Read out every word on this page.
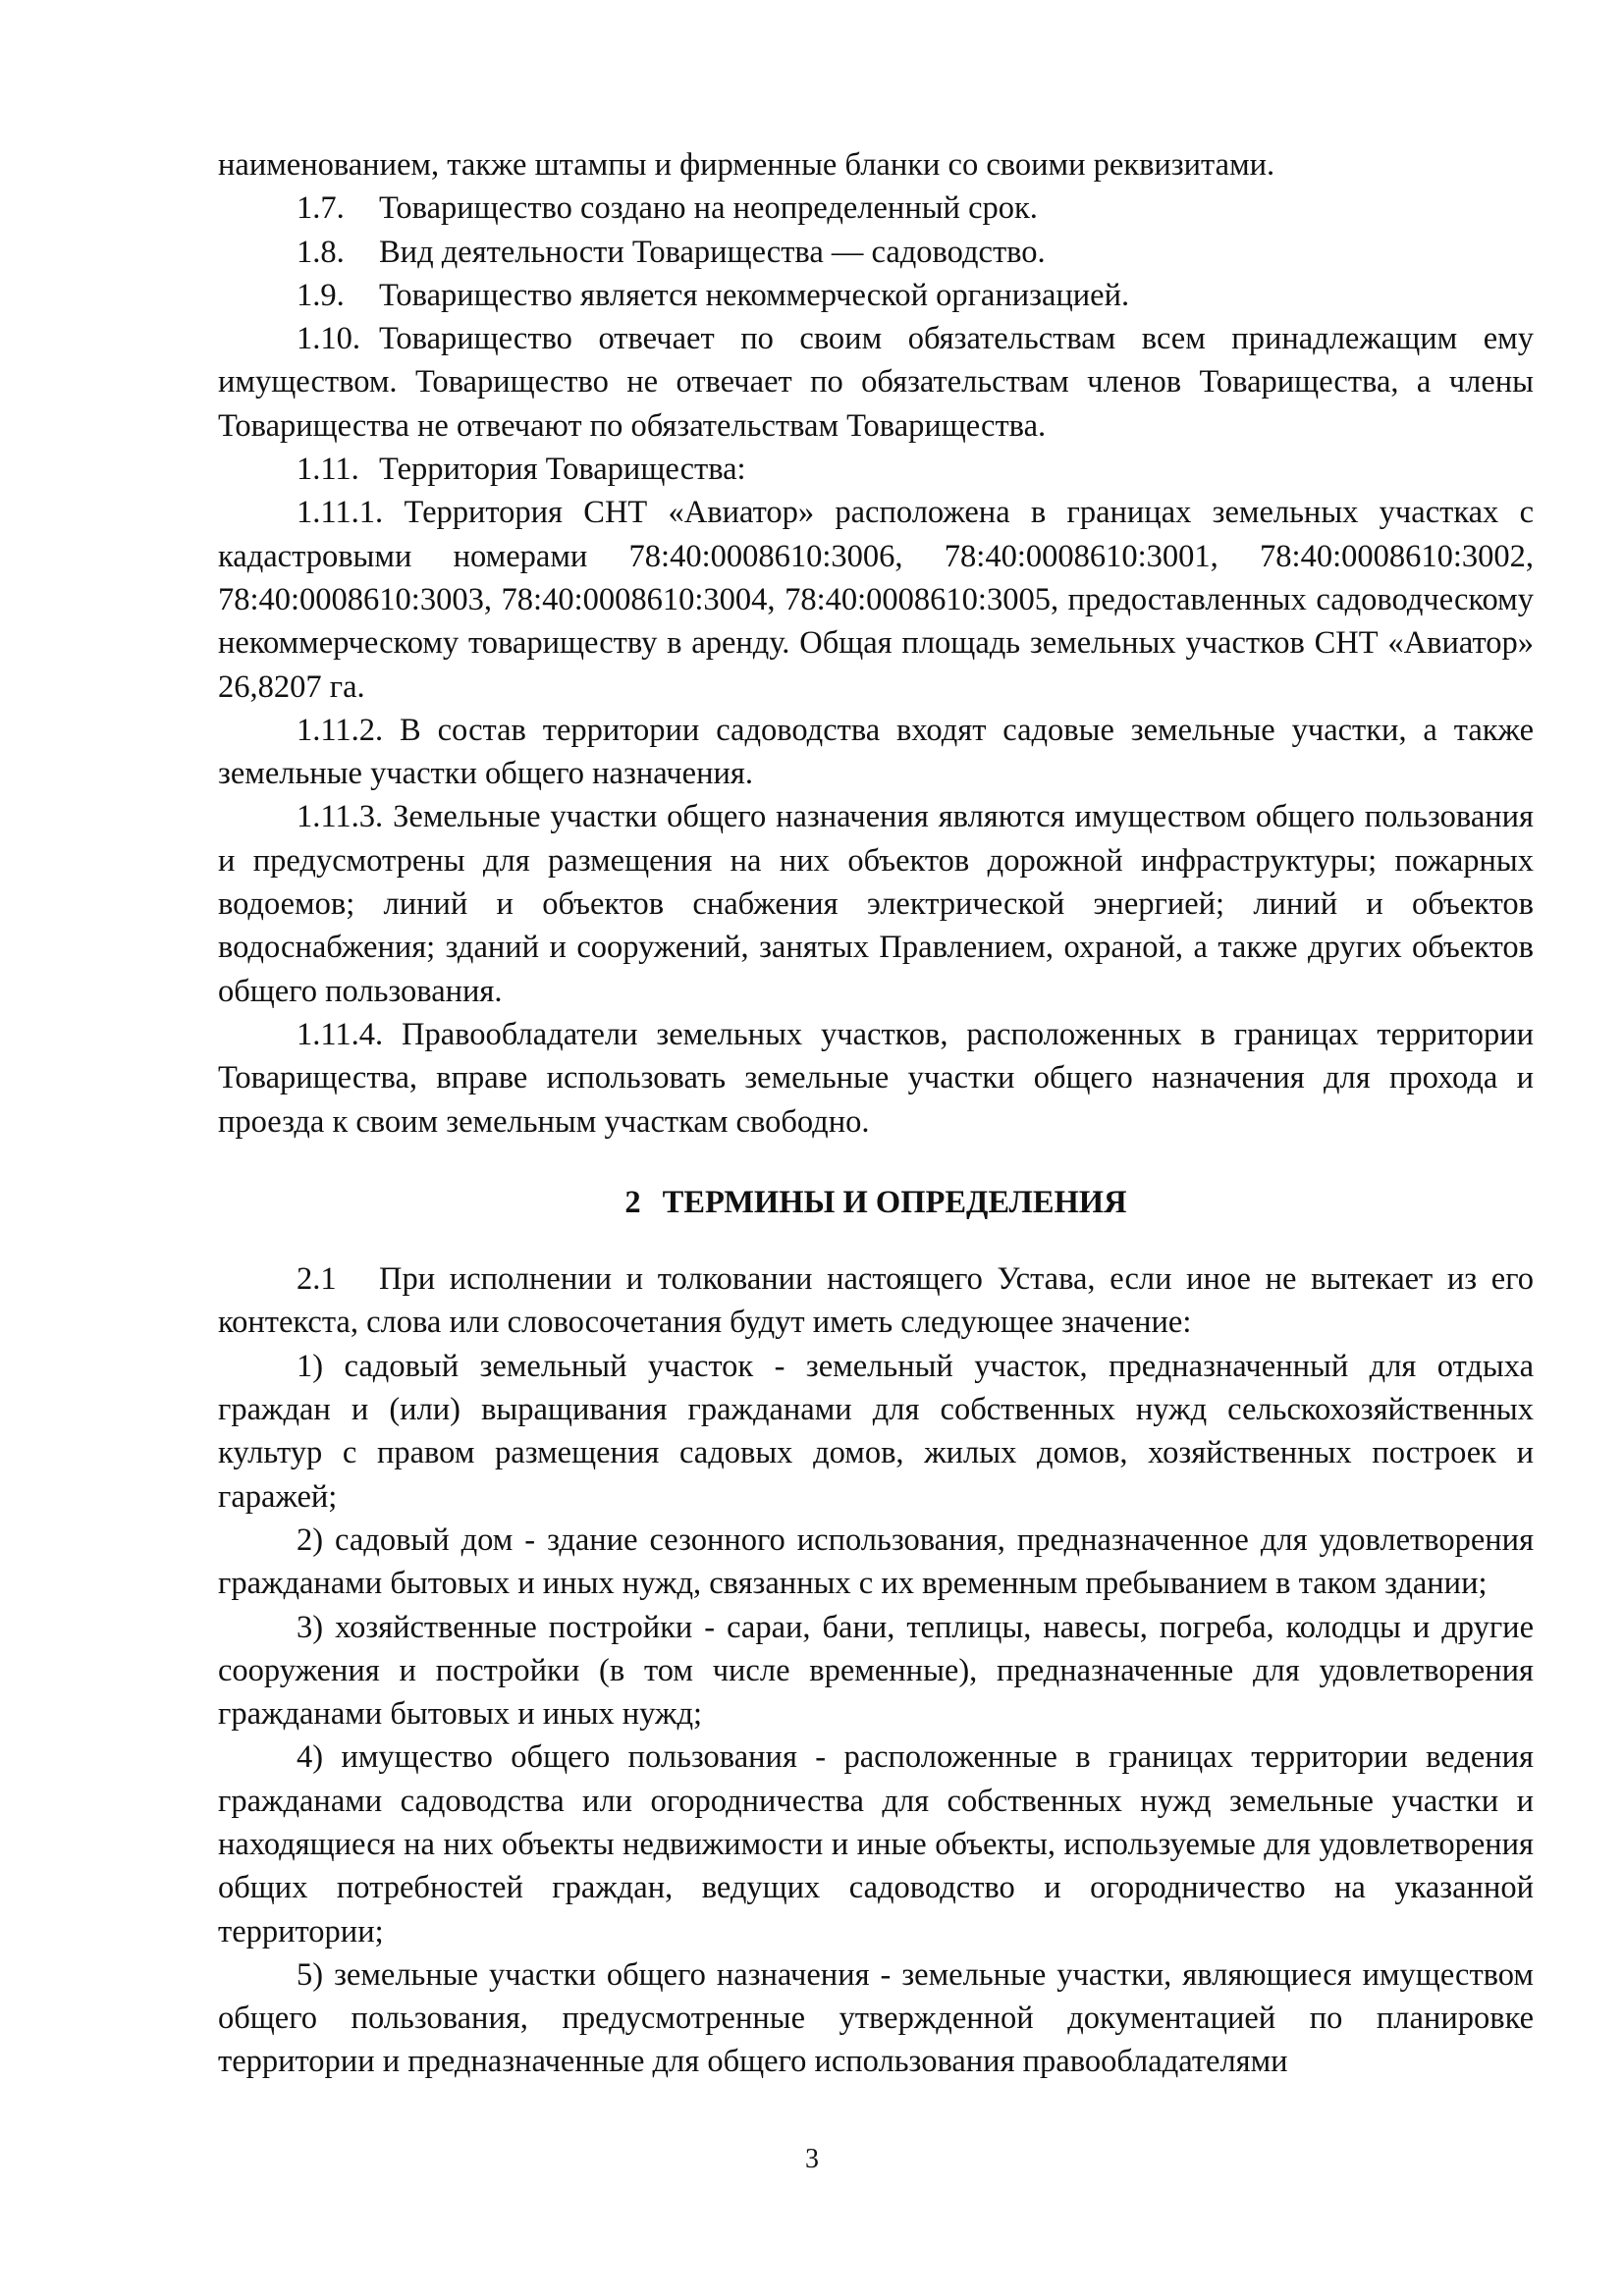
наименованием, также штампы и фирменные бланки со своими реквизитами.

1.7. Товарищество создано на неопределенный срок.

1.8. Вид деятельности Товарищества — садоводство.

1.9. Товарищество является некоммерческой организацией.

1.10. Товарищество отвечает по своим обязательствам всем принадлежащим ему имуществом. Товарищество не отвечает по обязательствам членов Товарищества, а члены Товарищества не отвечают по обязательствам Товарищества.

1.11. Территория Товарищества:

1.11.1. Территория СНТ «Авиатор» расположена в границах земельных участках с кадастровыми номерами 78:40:0008610:3006, 78:40:0008610:3001, 78:40:0008610:3002, 78:40:0008610:3003, 78:40:0008610:3004, 78:40:0008610:3005, предоставленных садоводческому некоммерческому товариществу в аренду. Общая площадь земельных участков СНТ «Авиатор» 26,8207 га.

1.11.2. В состав территории садоводства входят садовые земельные участки, а также земельные участки общего назначения.

1.11.3. Земельные участки общего назначения являются имуществом общего пользования и предусмотрены для размещения на них объектов дорожной инфраструктуры; пожарных водоемов; линий и объектов снабжения электрической энергией; линий и объектов водоснабжения; зданий и сооружений, занятых Правлением, охраной, а также других объектов общего пользования.

1.11.4. Правообладатели земельных участков, расположенных в границах территории Товарищества, вправе использовать земельные участки общего назначения для прохода и проезда к своим земельным участкам свободно.

2 ТЕРМИНЫ И ОПРЕДЕЛЕНИЯ

2.1 При исполнении и толковании настоящего Устава, если иное не вытекает из его контекста, слова или словосочетания будут иметь следующее значение:

1) садовый земельный участок - земельный участок, предназначенный для отдыха граждан и (или) выращивания гражданами для собственных нужд сельскохозяйственных культур с правом размещения садовых домов, жилых домов, хозяйственных построек и гаражей;

2) садовый дом - здание сезонного использования, предназначенное для удовлетворения гражданами бытовых и иных нужд, связанных с их временным пребыванием в таком здании;

3) хозяйственные постройки - сараи, бани, теплицы, навесы, погреба, колодцы и другие сооружения и постройки (в том числе временные), предназначенные для удовлетворения гражданами бытовых и иных нужд;

4) имущество общего пользования - расположенные в границах территории ведения гражданами садоводства или огородничества для собственных нужд земельные участки и находящиеся на них объекты недвижимости и иные объекты, используемые для удовлетворения общих потребностей граждан, ведущих садоводство и огородничество на указанной территории;

5) земельные участки общего назначения - земельные участки, являющиеся имуществом общего пользования, предусмотренные утвержденной документацией по планировке территории и предназначенные для общего использования правообладателями

3
